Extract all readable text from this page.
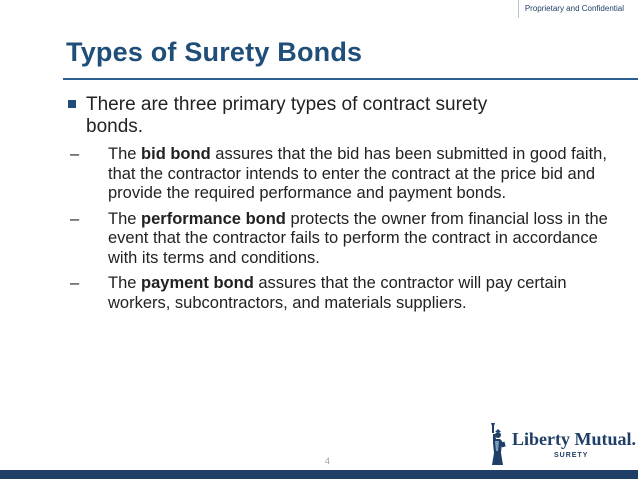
Proprietary and Confidential
Types of Surety Bonds
There are three primary types of contract surety bonds.
– The bid bond assures that the bid has been submitted in good faith, that the contractor intends to enter the contract at the price bid and provide the required performance and payment bonds.
– The performance bond protects the owner from financial loss in the event that the contractor fails to perform the contract in accordance with its terms and conditions.
– The payment bond assures that the contractor will pay certain workers, subcontractors, and materials suppliers.
4
Liberty Mutual.
SURETY
